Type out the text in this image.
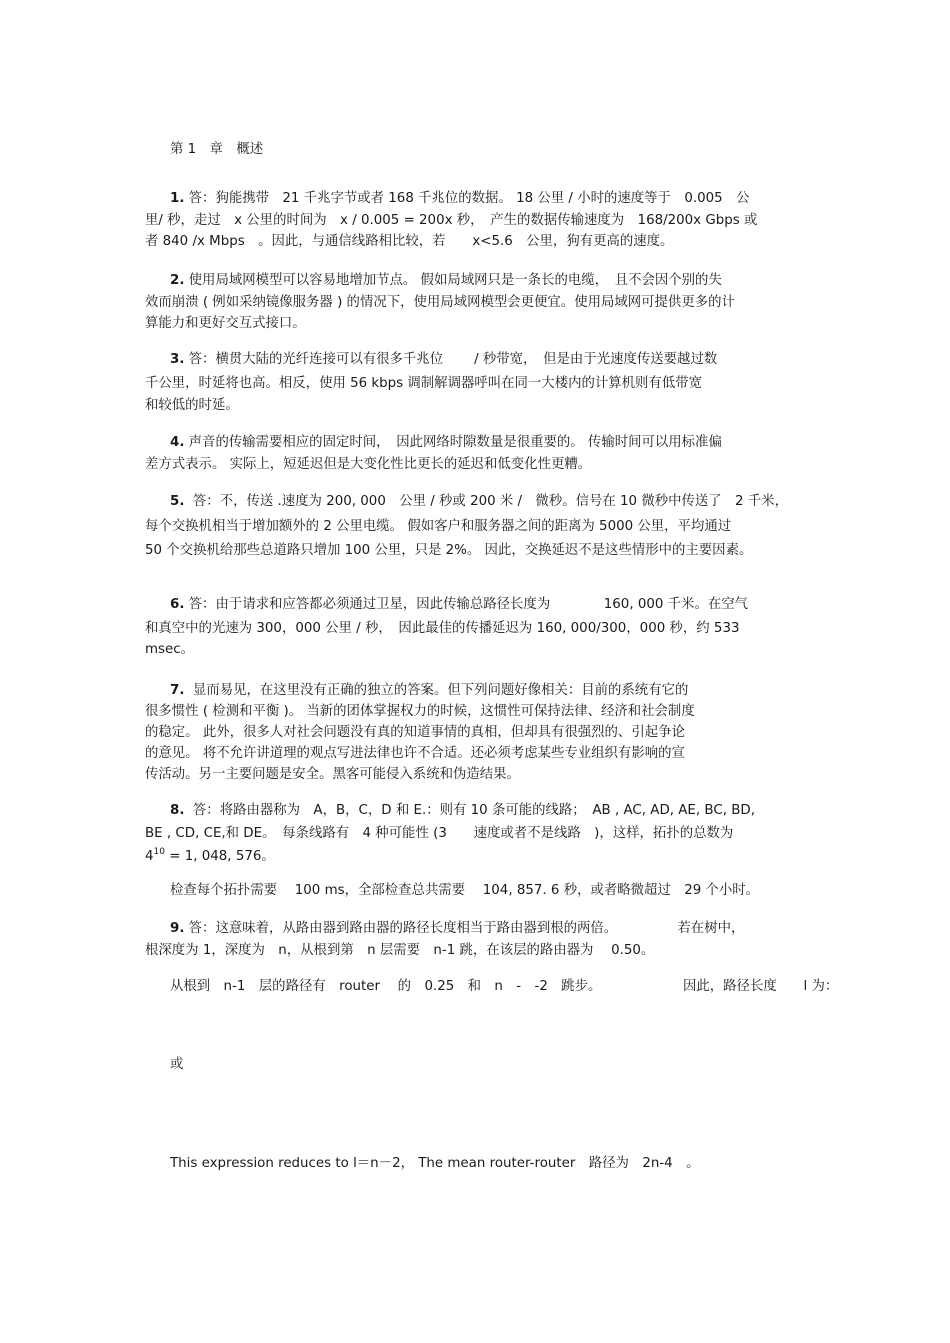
第 1　章　概述
1. 答：狗能携带　21 千兆字节或者 168 千兆位的数据。 18 公里 / 小时的速度等于　0.005　公
里/ 秒，走过　x 公里的时间为　x / 0.005 = 200x 秒，　产生的数据传输速度为　168/200x Gbps 或
者 840 /x Mbps　。因此，与通信线路相比较，若　　x<5.6　公里，狗有更高的速度。
2. 使用局域网模型可以容易地增加节点。 假如局域网只是一条长的电缆，　且不会因个别的失
效而崩溃 ( 例如采纳镜像服务器 ) 的情况下，使用局域网模型会更便宜。使用局域网可提供更多的计
算能力和更好交互式接口。
3. 答：横贯大陆的光纤连接可以有很多千兆位　　 / 秒带宽，　但是由于光速度传送要越过数
千公里，时延将也高。相反，使用 56 kbps 调制解调器呼叫在同一大楼内的计算机则有低带宽
和较低的时延。
4. 声音的传输需要相应的固定时间，　因此网络时隙数量是很重要的。 传输时间可以用标准偏
差方式表示。 实际上，短延迟但是大变化性比更长的延迟和低变化性更糟。
5.  答：不，传送 .速度为 200, 000　公里 / 秒或 200 米 /　微秒。信号在 10 微秒中传送了　2 千米，
每个交换机相当于增加额外的 2 公里电缆。 假如客户和服务器之间的距离为 5000 公里，平均通过
50 个交换机给那些总道路只增加 100 公里，只是 2%。 因此，交换延迟不是这些情形中的主要因素。
6. 答：由于请求和应答都必须通过卫星，因此传输总路径长度为　　　　160, 000 千米。在空气
和真空中的光速为 300，000 公里 / 秒，　因此最佳的传播延迟为 160, 000/300，000 秒，约 533
msec。
7.  显而易见，在这里没有正确的独立的答案。但下列问题好像相关：目前的系统有它的
很多惯性 ( 检测和平衡 )。 当新的团体掌握权力的时候，这惯性可保持法律、经济和社会制度
的稳定。 此外，很多人对社会问题没有真的知道事情的真相，但却具有很强烈的、引起争论
的意见。 将不允许讲道理的观点写进法律也许不合适。还必须考虑某些专业组织有影响的宣
传活动。另一主要问题是安全。黑客可能侵入系统和伪造结果。
8.  答：将路由器称为　A，B，C，D 和 E.：则有 10 条可能的线路；　AB , AC, AD, AE, BC, BD,
BE , CD, CE,和 DE。　每条线路有　4 种可能性 (3　　速度或者不是线路　)，这样，拓扑的总数为
$4^{10} = 1$, 048, 576。
检查每个拓扑需要　 100 ms，全部检查总共需要　 104, 857. 6 秒，或者略微超过　29 个小时。
9. 答：这意味着，从路由器到路由器的路径长度相当于路由器到根的两倍。　　　　　若在树中，
根深度为 1，深度为　n，从根到第　n 层需要　n-1 跳，在该层的路由器为　 0.50。
从根到　n-1　层的路径有　router　 的　0.25　和　n　-　-2　跳步。	因此，路径长度　　l 为：
或
This expression reduces to l＝n－2， The mean router-router　路径为　2n-4　。
